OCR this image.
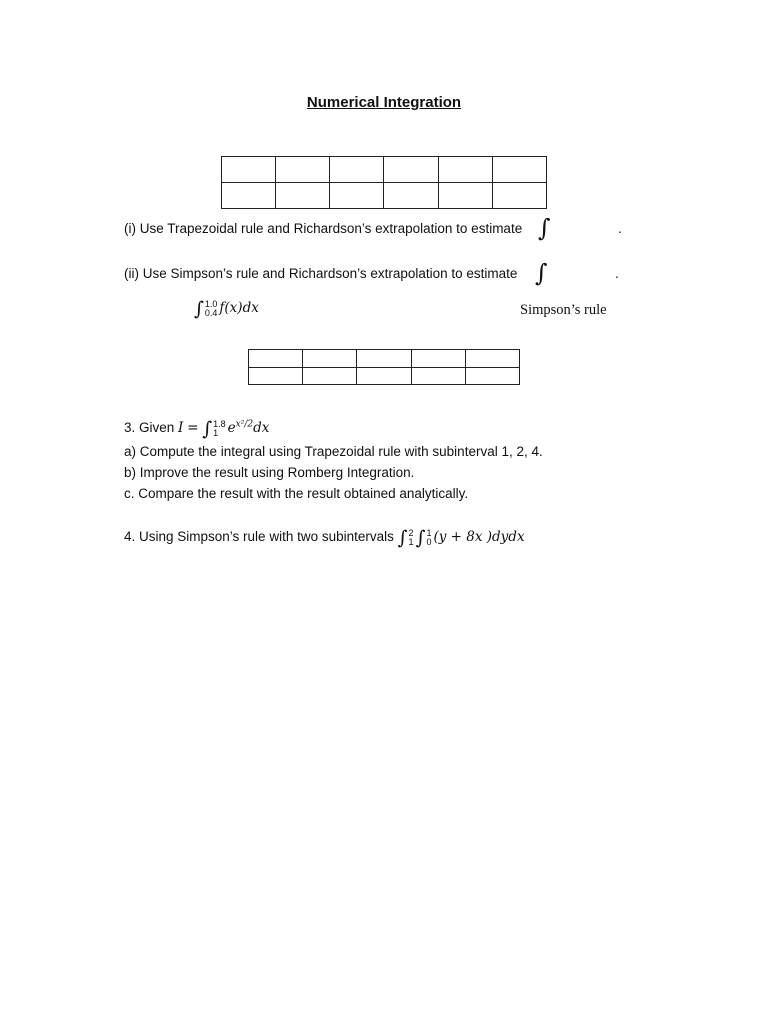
Numerical Integration

(i) Use Trapezoidal rule and Richardson’s extrapolation to estimate ∫	.
(ii) Use Simpson’s rule and Richardson’s extrapolation to estimate ∫	.
∫ 1.0
0.4 f(x)dx	Simpson’s rule

3. Given I = ∫ 1.8
1 $e^{x^2/2}dx$
a) Compute the integral using Trapezoidal rule with subinterval 1, 2, 4.
b) Improve the result using Romberg Integration.
c. Compare the result with the result obtained analytically.
4. Using Simpson’s rule with two subintervals ∫ 2
1 ∫ 1
0 (y + 8x )dydx
